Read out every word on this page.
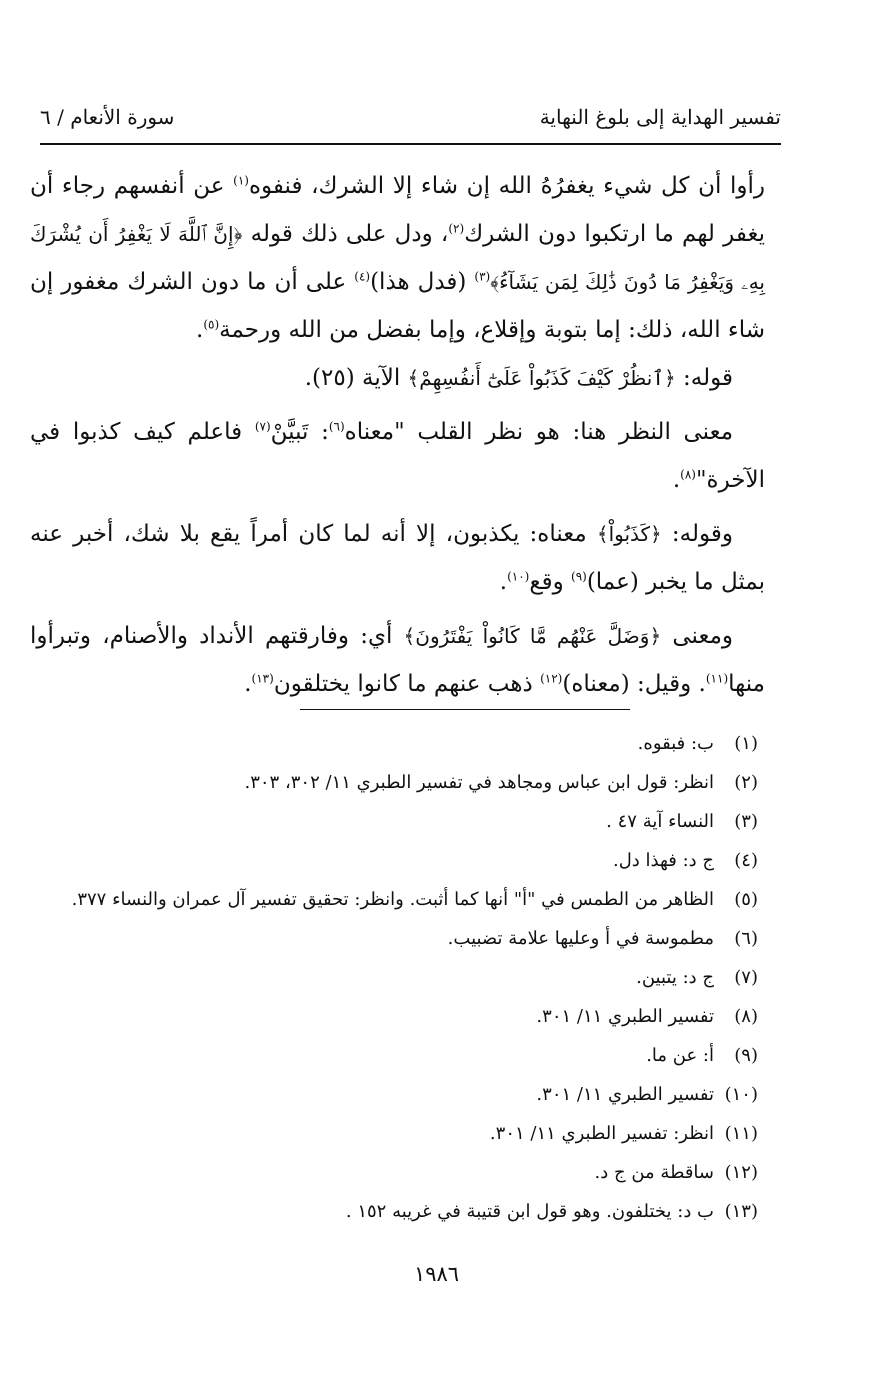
تفسير الهداية إلى بلوغ النهاية
سورة الأنعام / ٦

رأوا أن كل شيء يغفرُهُ الله إن شاء إلا الشرك، فنفوه$^{(١)}$ عن أنفسهم رجاء أن يغفر لهم ما ارتكبوا دون الشرك$^{(٢)}$، ودل على ذلك قوله ﴿إِنَّ ٱللَّهَ لَا يَغْفِرُ أَن يُشْرَكَ بِهِۦ وَيَغْفِرُ مَا دُونَ ذَٰلِكَ لِمَن يَشَآءُ﴾$^{(٣)}$ (فدل هذا)$^{(٤)}$ على أن ما دون الشرك مغفور إن شاء الله، ذلك: إما بتوبة وإقلاع، وإما بفضل من الله ورحمة$^{(٥)}$.

قوله: ﴿ٱنظُرْ كَيْفَ كَذَبُواْ عَلَىٰٓ أَنفُسِهِمْ﴾ الآية (٢٥).

معنى النظر هنا: هو نظر القلب "معناه$^{(٦)}$: تَبيَّنْ$^{(٧)}$ فاعلم كيف كذبوا في الآخرة"$^{(٨)}$.

وقوله: ﴿كَذَبُواْ﴾ معناه: يكذبون، إلا أنه لما كان أمراً يقع بلا شك، أخبر عنه بمثل ما يخبر (عما)$^{(٩)}$ وقع$^{(١٠)}$.

ومعنى ﴿وَضَلَّ عَنْهُم مَّا كَانُواْ يَفْتَرُونَ﴾ أي: وفارقتهم الأنداد والأصنام، وتبرأوا منها$^{(١١)}$. وقيل: (معناه)$^{(١٢)}$ ذهب عنهم ما كانوا يختلقون$^{(١٣)}$.

(١)ب: فبقوه.
(٢)انظر: قول ابن عباس ومجاهد في تفسير الطبري ١١/ ٣٠٢، ٣٠٣.
(٣)النساء آية ٤٧ .
(٤)ج د: فهذا دل.
(٥)الظاهر من الطمس في "أ" أنها كما أثبت. وانظر: تحقيق تفسير آل عمران والنساء ٣٧٧.
(٦)مطموسة في أ وعليها علامة تضبيب.
(٧)ج د: يتبين.
(٨)تفسير الطبري ١١/ ٣٠١.
(٩)أ: عن ما.
(١٠)تفسير الطبري ١١/ ٣٠١.
(١١)انظر: تفسير الطبري ١١/ ٣٠١.
(١٢)ساقطة من ج د.
(١٣)ب د: يختلفون. وهو قول ابن قتيبة في غريبه ١٥٢ .
١٩٨٦
